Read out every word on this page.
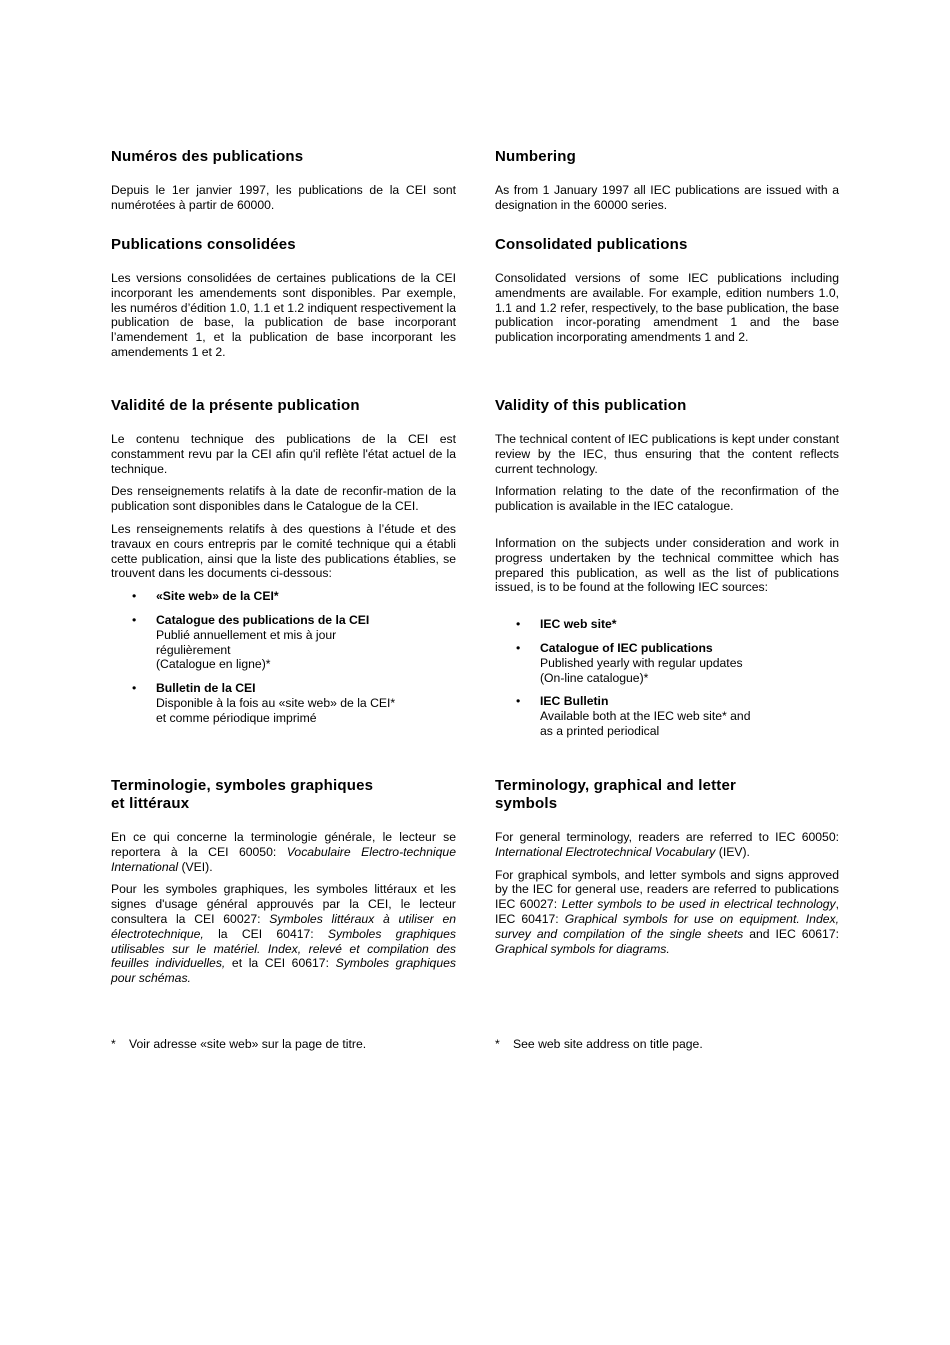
Numéros des publications

Depuis le 1er janvier 1997, les publications de la CEI sont numérotées à partir de 60000.

Publications consolidées

Les versions consolidées de certaines publications de la CEI incorporant les amendements sont disponibles. Par exemple, les numéros d’édition 1.0, 1.1 et 1.2 indiquent respectivement la publication de base, la publication de base incorporant l’amendement 1, et la publication de base incorporant les amendements 1 et 2.

Validité de la présente publication

Le contenu technique des publications de la CEI est constamment revu par la CEI afin qu'il reflète l'état actuel de la technique.

Des renseignements relatifs à la date de reconfir-mation de la publication sont disponibles dans le Catalogue de la CEI.

Les renseignements relatifs à des questions à l’étude et des travaux en cours entrepris par le comité technique qui a établi cette publication, ainsi que la liste des publications établies, se trouvent dans les documents ci-dessous:

• «Site web» de la CEI*
• Catalogue des publications de la CEI
Publié annuellement et mis à jour
régulièrement
(Catalogue en ligne)*
• Bulletin de la CEI
Disponible à la fois au «site web» de la CEI*
et comme périodique imprimé
Terminologie, symboles graphiques
et littéraux

En ce qui concerne la terminologie générale, le lecteur se reportera à la CEI 60050: Vocabulaire Electro-technique International (VEI).

Pour les symboles graphiques, les symboles littéraux et les signes d'usage général approuvés par la CEI, le lecteur consultera la CEI 60027: Symboles littéraux à utiliser en électrotechnique, la CEI 60417: Symboles graphiques utilisables sur le matériel. Index, relevé et compilation des feuilles individuelles, et la CEI 60617: Symboles graphiques pour schémas.

Numbering

As from 1 January 1997 all IEC publications are issued with a designation in the 60000 series.

Consolidated publications

Consolidated versions of some IEC publications including amendments are available. For example, edition numbers 1.0, 1.1 and 1.2 refer, respectively, to the base publication, the base publication incor-porating amendment 1 and the base publication incorporating amendments 1 and 2.

Validity of this publication

The technical content of IEC publications is kept under constant review by the IEC, thus ensuring that the content reflects current technology.

Information relating to the date of the reconfirmation of the publication is available in the IEC catalogue.

Information on the subjects under consideration and work in progress undertaken by the technical committee which has prepared this publication, as well as the list of publications issued, is to be found at the following IEC sources:

• IEC web site*
• Catalogue of IEC publications
Published yearly with regular updates
(On-line catalogue)*
• IEC Bulletin
Available both at the IEC web site* and
as a printed periodical
Terminology, graphical and letter
symbols

For general terminology, readers are referred to IEC 60050: International Electrotechnical Vocabulary (IEV).

For graphical symbols, and letter symbols and signs approved by the IEC for general use, readers are referred to publications IEC 60027: Letter symbols to be used in electrical technology, IEC 60417: Graphical symbols for use on equipment. Index, survey and compilation of the single sheets and IEC 60617: Graphical symbols for diagrams.

* Voir adresse «site web» sur la page de titre.	* See web site address on title page.
